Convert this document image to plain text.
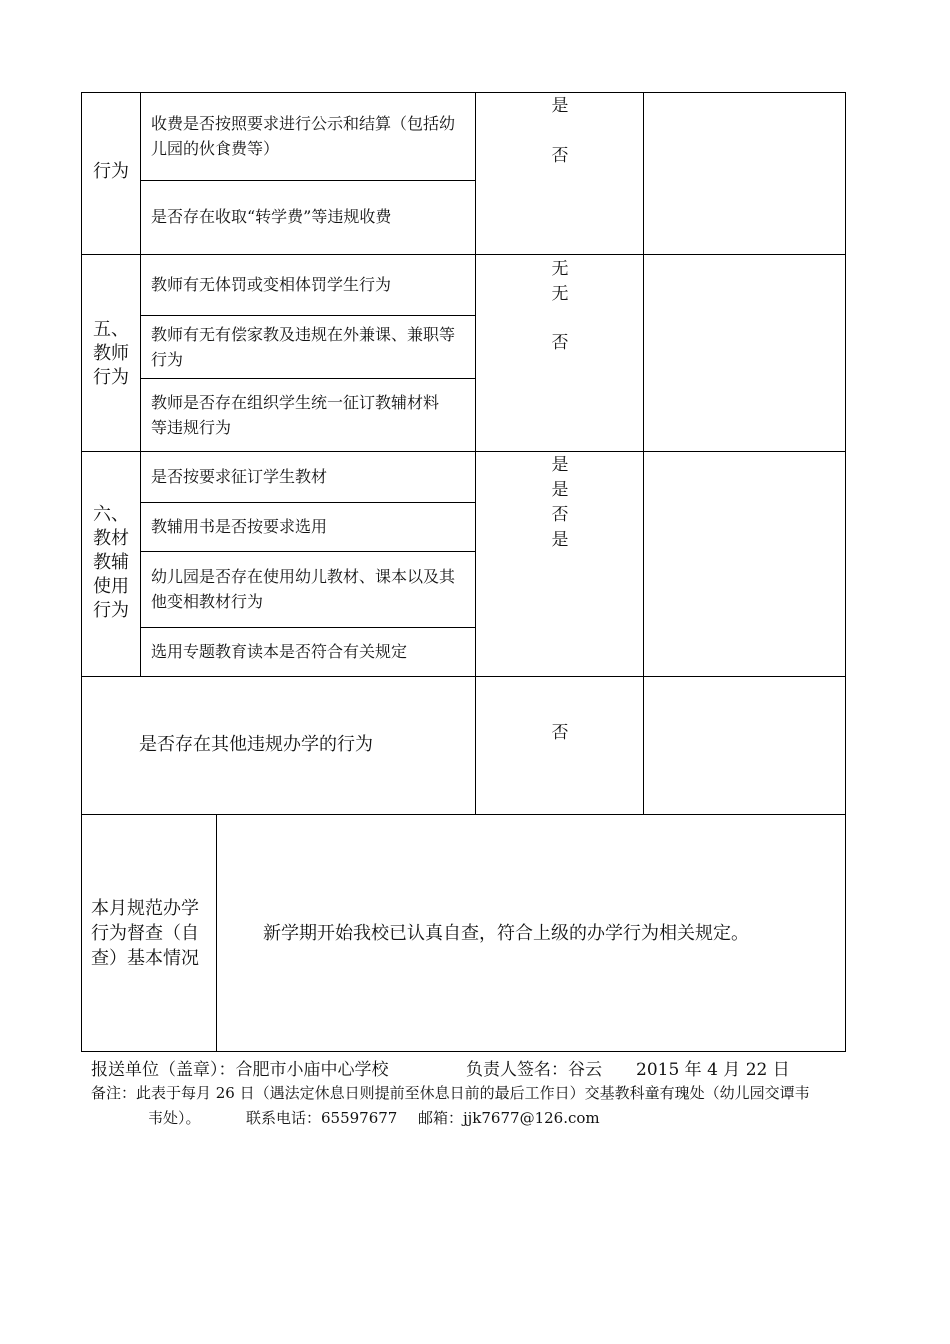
行为
收费是否按照要求进行公示和结算（包括幼
儿园的伙食费等）
是否存在收取“转学费”等违规收费
是
否
五、
教师
行为
教师有无体罚或变相体罚学生行为
教师有无有偿家教及违规在外兼课、兼职等
行为
教师是否存在组织学生统一征订教辅材料
等违规行为
无
无
否
六、
教材
教辅
使用
行为
是否按要求征订学生教材
教辅用书是否按要求选用
幼儿园是否存在使用幼儿教材、课本以及其
他变相教材行为
选用专题教育读本是否符合有关规定
是
是
否
是
是否存在其他违规办学的行为
否
本月规范办学
行为督查（自
查）基本情况
新学期开始我校已认真自查，符合上级的办学行为相关规定。
报送单位（盖章）：合肥市小庙中心学校	负责人签名：谷云 2015 年 4 月 22 日
备注：此表于每月 26 日（遇法定休息日则提前至休息日前的最后工作日）交基教科童有瑰处（幼儿园交谭韦
韦处）。	联系电话：65597677 邮箱：jjk7677@126.com
